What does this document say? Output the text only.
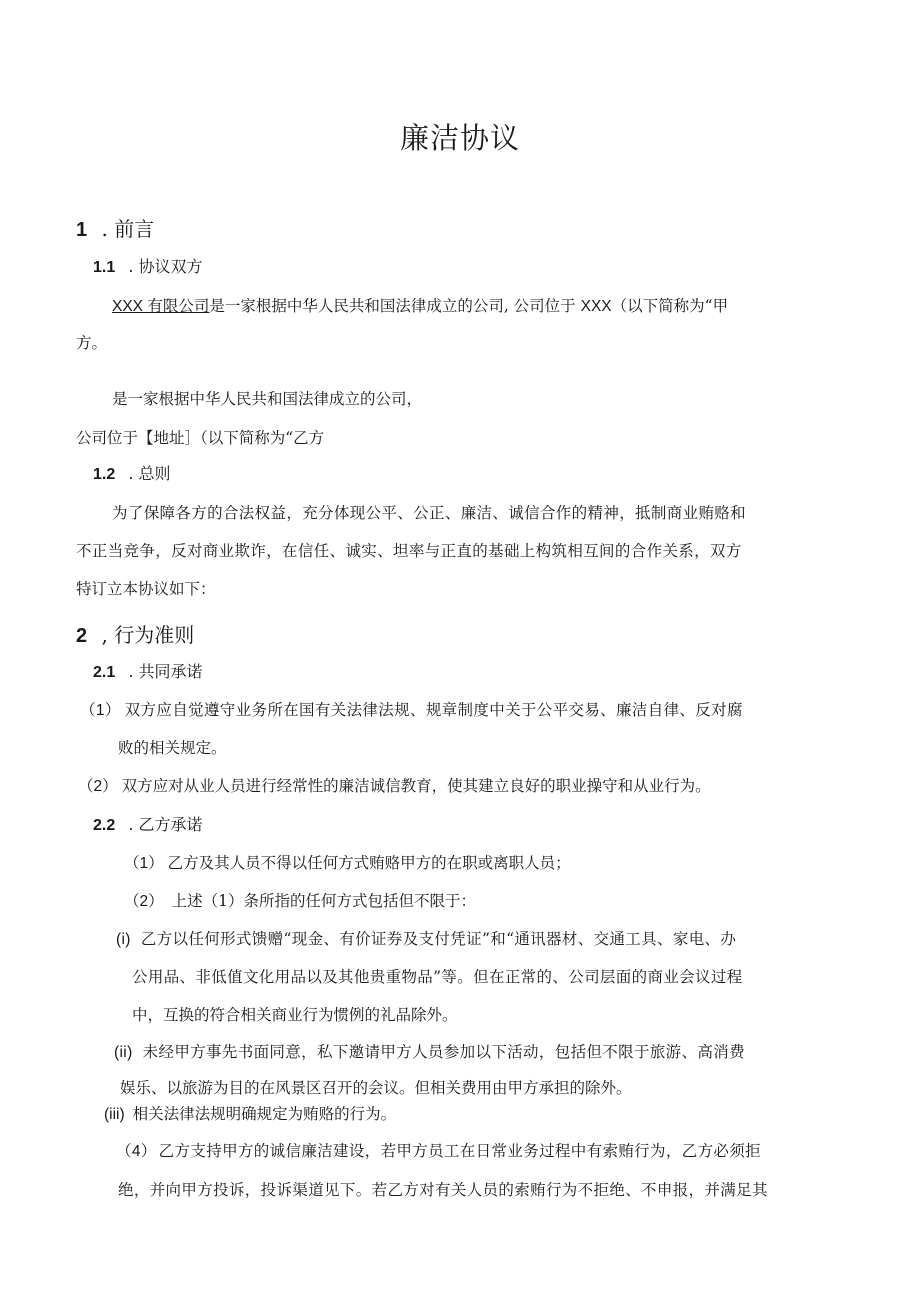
廉洁协议
1 . 前言
1.1 . 协议双方
XXX 有限公司是一家根据中华人民共和国法律成立的公司, 公司位于 XXX（以下简称为“甲
方。
是一家根据中华人民共和国法律成立的公司，
公司位于【地址］（以下简称为“乙方
1.2 . 总则
为了保障各方的合法权益，充分体现公平、公正、廉洁、诚信合作的精神，抵制商业贿赂和
不正当竞争，反对商业欺诈，在信任、诚实、坦率与正直的基础上构筑相互间的合作关系，双方
特订立本协议如下：
2 , 行为准则
2.1 . 共同承诺
（1） 双方应自觉遵守业务所在国有关法律法规、规章制度中关于公平交易、廉洁自律、反对腐
败的相关规定。
（2） 双方应对从业人员进行经常性的廉洁诚信教育，使其建立良好的职业操守和从业行为。
2.2 . 乙方承诺
（1） 乙方及其人员不得以任何方式贿赂甲方的在职或离职人员；
（2） 上述（1）条所指的任何方式包括但不限于：
(i) 乙方以任何形式馈赠“现金、有价证券及支付凭证”和“通讯器材、交通工具、家电、办
公用品、非低值文化用品以及其他贵重物品”等。但在正常的、公司层面的商业会议过程
中，互换的符合相关商业行为惯例的礼品除外。
(ii) 未经甲方事先书面同意，私下邀请甲方人员参加以下活动，包括但不限于旅游、高消费
娱乐、以旅游为目的在风景区召开的会议。但相关费用由甲方承担的除外。
(iii) 相关法律法规明确规定为贿赂的行为。
（4） 乙方支持甲方的诚信廉洁建设，若甲方员工在日常业务过程中有索贿行为，乙方必须拒
绝，并向甲方投诉，投诉渠道见下。若乙方对有关人员的索贿行为不拒绝、不申报，并满足其
